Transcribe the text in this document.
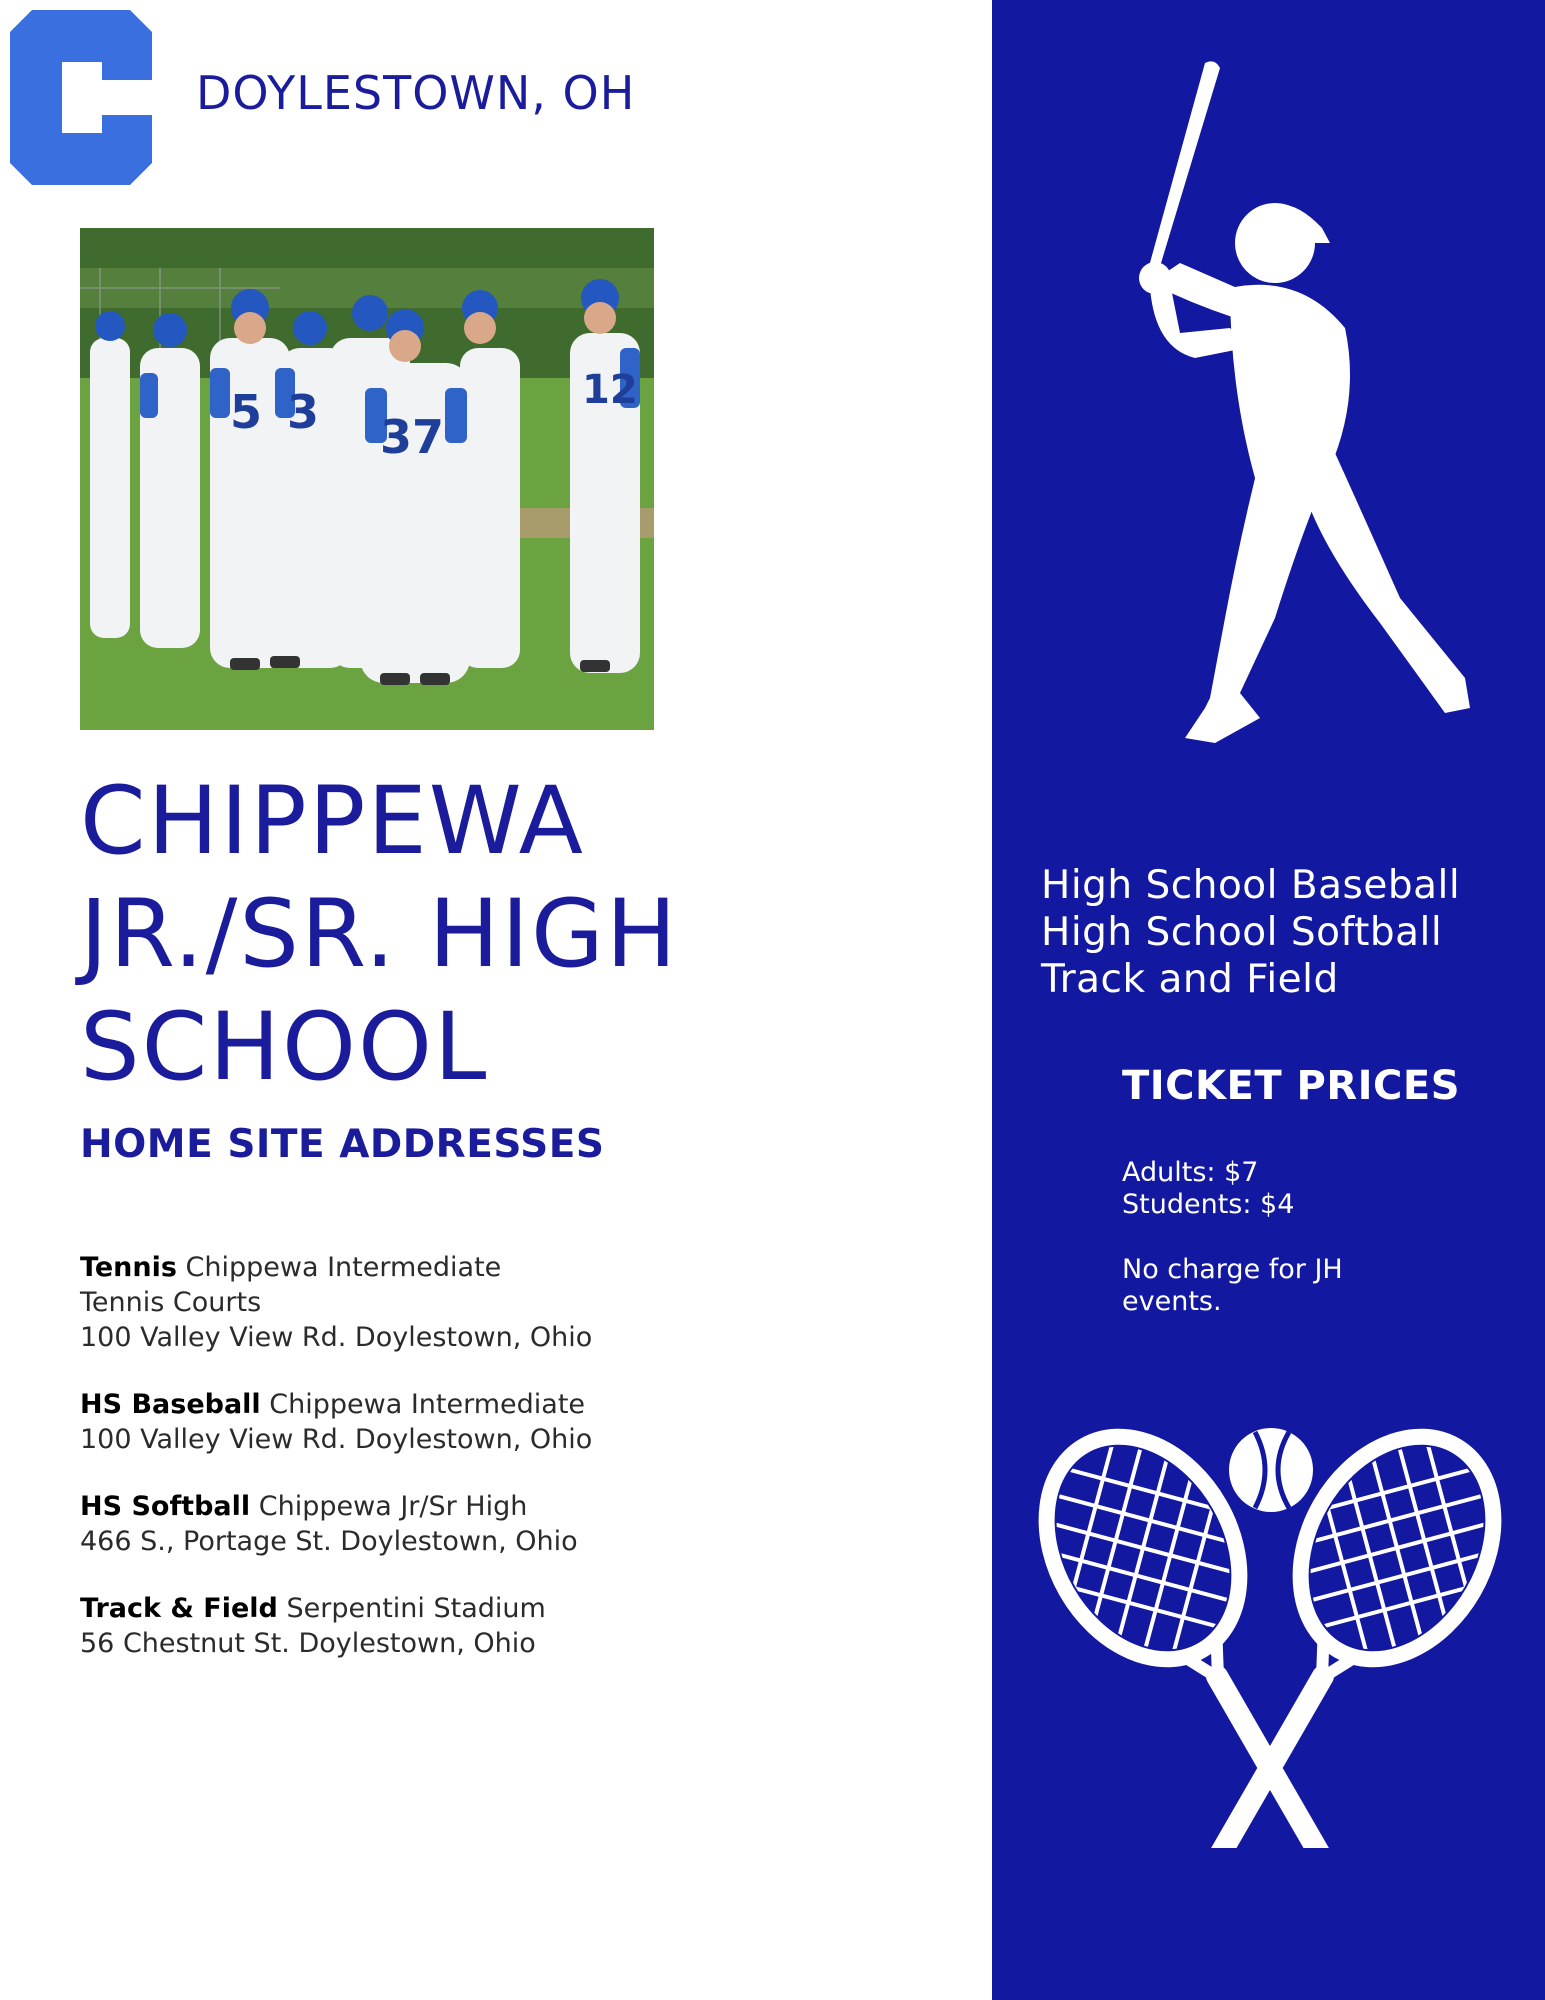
DOYLESTOWN, OH
5 3 37
12
CHIPPEWA
JR./SR. HIGH
SCHOOL
HOME SITE ADDRESSES
Tennis Chippewa Intermediate
Tennis Courts
100 Valley View Rd. Doylestown, Ohio
HS Baseball Chippewa Intermediate
100 Valley View Rd. Doylestown, Ohio
HS Softball Chippewa Jr/Sr High
466 S., Portage St. Doylestown, Ohio
Track & Field Serpentini Stadium
56 Chestnut St. Doylestown, Ohio
High School Baseball
High School Softball
Track and Field
TICKET PRICES
Adults: $7
Students: $4
No charge for JH
events.
